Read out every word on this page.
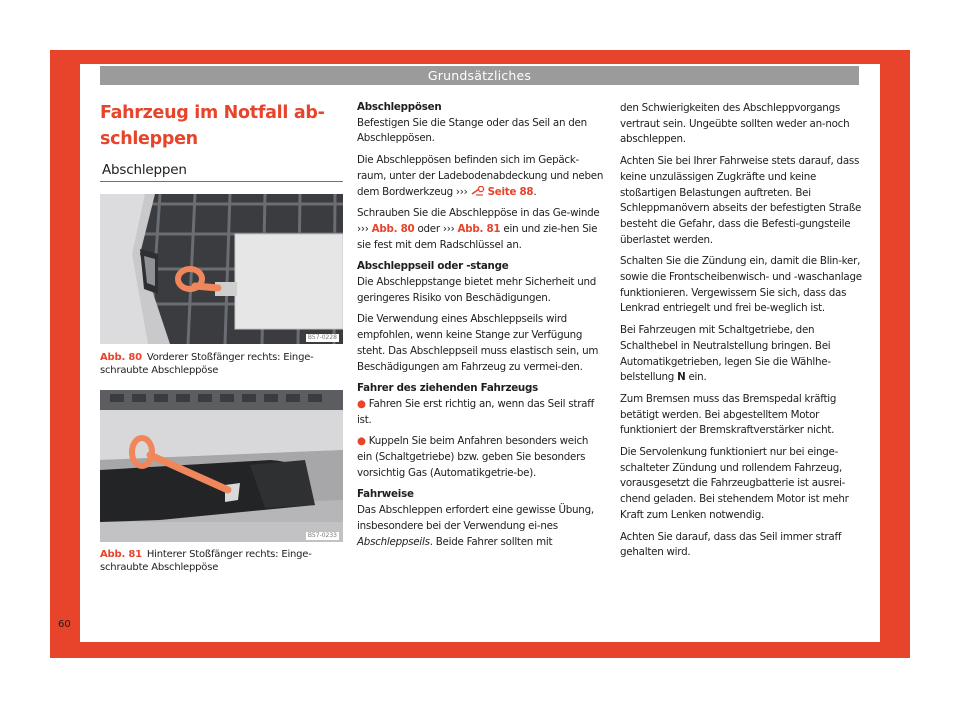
Grundsätzliches
Fahrzeug im Notfall ab-
schleppen
Abschleppen
B57-0228
Abb. 80 Vorderer Stoßfänger rechts: Einge-schraubte Abschleppöse
B57-0233
Abb. 81 Hinterer Stoßfänger rechts: Einge-schraubte Abschleppöse
Abschleppösen

Befestigen Sie die Stange oder das Seil an den Abschleppösen.

Die Abschleppösen befinden sich im Gepäck-raum, unter der Ladebodenabdeckung und neben dem Bordwerkzeug ››› Seite 88.

Schrauben Sie die Abschleppöse in das Ge-winde ››› Abb. 80 oder ››› Abb. 81 ein und zie-hen Sie sie fest mit dem Radschlüssel an.

Abschleppseil oder -stange

Die Abschleppstange bietet mehr Sicherheit und geringeres Risiko von Beschädigungen.

Die Verwendung eines Abschleppseils wird empfohlen, wenn keine Stange zur Verfügung steht. Das Abschleppseil muss elastisch sein, um Beschädigungen am Fahrzeug zu vermei-den.

Fahrer des ziehenden Fahrzeugs

● Fahren Sie erst richtig an, wenn das Seil straff ist.

● Kuppeln Sie beim Anfahren besonders weich ein (Schaltgetriebe) bzw. geben Sie besonders vorsichtig Gas (Automatikgetrie-be).

Fahrweise

Das Abschleppen erfordert eine gewisse Übung, insbesondere bei der Verwendung ei-nes Abschleppseils. Beide Fahrer sollten mit

den Schwierigkeiten des Abschleppvorgangs vertraut sein. Ungeübte sollten weder an-noch abschleppen.

Achten Sie bei Ihrer Fahrweise stets darauf, dass keine unzulässigen Zugkräfte und keine stoßartigen Belastungen auftreten. Bei Schleppmanövern abseits der befestigten Straße besteht die Gefahr, dass die Befesti-gungsteile überlastet werden.

Schalten Sie die Zündung ein, damit die Blin-ker, sowie die Frontscheibenwisch- und -waschanlage funktionieren. Vergewissern Sie sich, dass das Lenkrad entriegelt und frei be-weglich ist.

Bei Fahrzeugen mit Schaltgetriebe, den Schalthebel in Neutralstellung bringen. Bei Automatikgetrieben, legen Sie die Wählhe-belstellung N ein.

Zum Bremsen muss das Bremspedal kräftig betätigt werden. Bei abgestelltem Motor funktioniert der Bremskraftverstärker nicht.

Die Servolenkung funktioniert nur bei einge-schalteter Zündung und rollendem Fahrzeug, vorausgesetzt die Fahrzeugbatterie ist ausrei-chend geladen. Bei stehendem Motor ist mehr Kraft zum Lenken notwendig.

Achten Sie darauf, dass das Seil immer straff gehalten wird.

60
